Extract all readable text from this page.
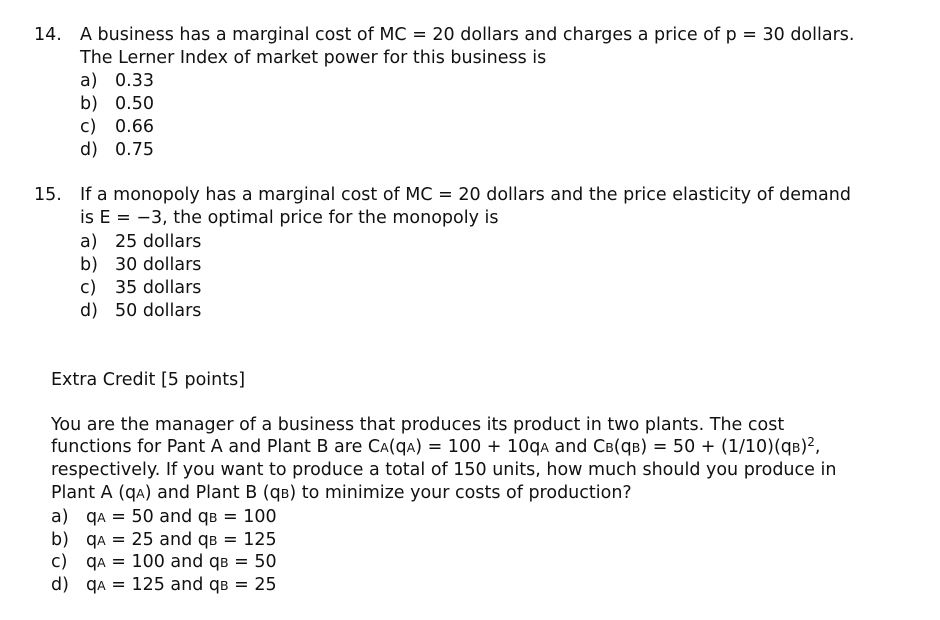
14. A business has a marginal cost of MC = 20 dollars and charges a price of p = 30 dollars.
The Lerner Index of market power for this business is
a) 0.33
b) 0.50
c) 0.66
d) 0.75
15. If a monopoly has a marginal cost of MC = 20 dollars and the price elasticity of demand
is E = −3, the optimal price for the monopoly is
a) 25 dollars
b) 30 dollars
c) 35 dollars
d) 50 dollars
Extra Credit [5 points]
You are the manager of a business that produces its product in two plants. The cost
functions for Pant A and Plant B are CA(qA) = 100 + 10qA and CB(qB) = 50 + (1/10)(qB)$^2$,
respectively. If you want to produce a total of 150 units, how much should you produce in
Plant A (qA) and Plant B (qB) to minimize your costs of production?
a) qA = 50 and qB = 100
b) qA = 25 and qB = 125
c) qA = 100 and qB = 50
d) qA = 125 and qB = 25
